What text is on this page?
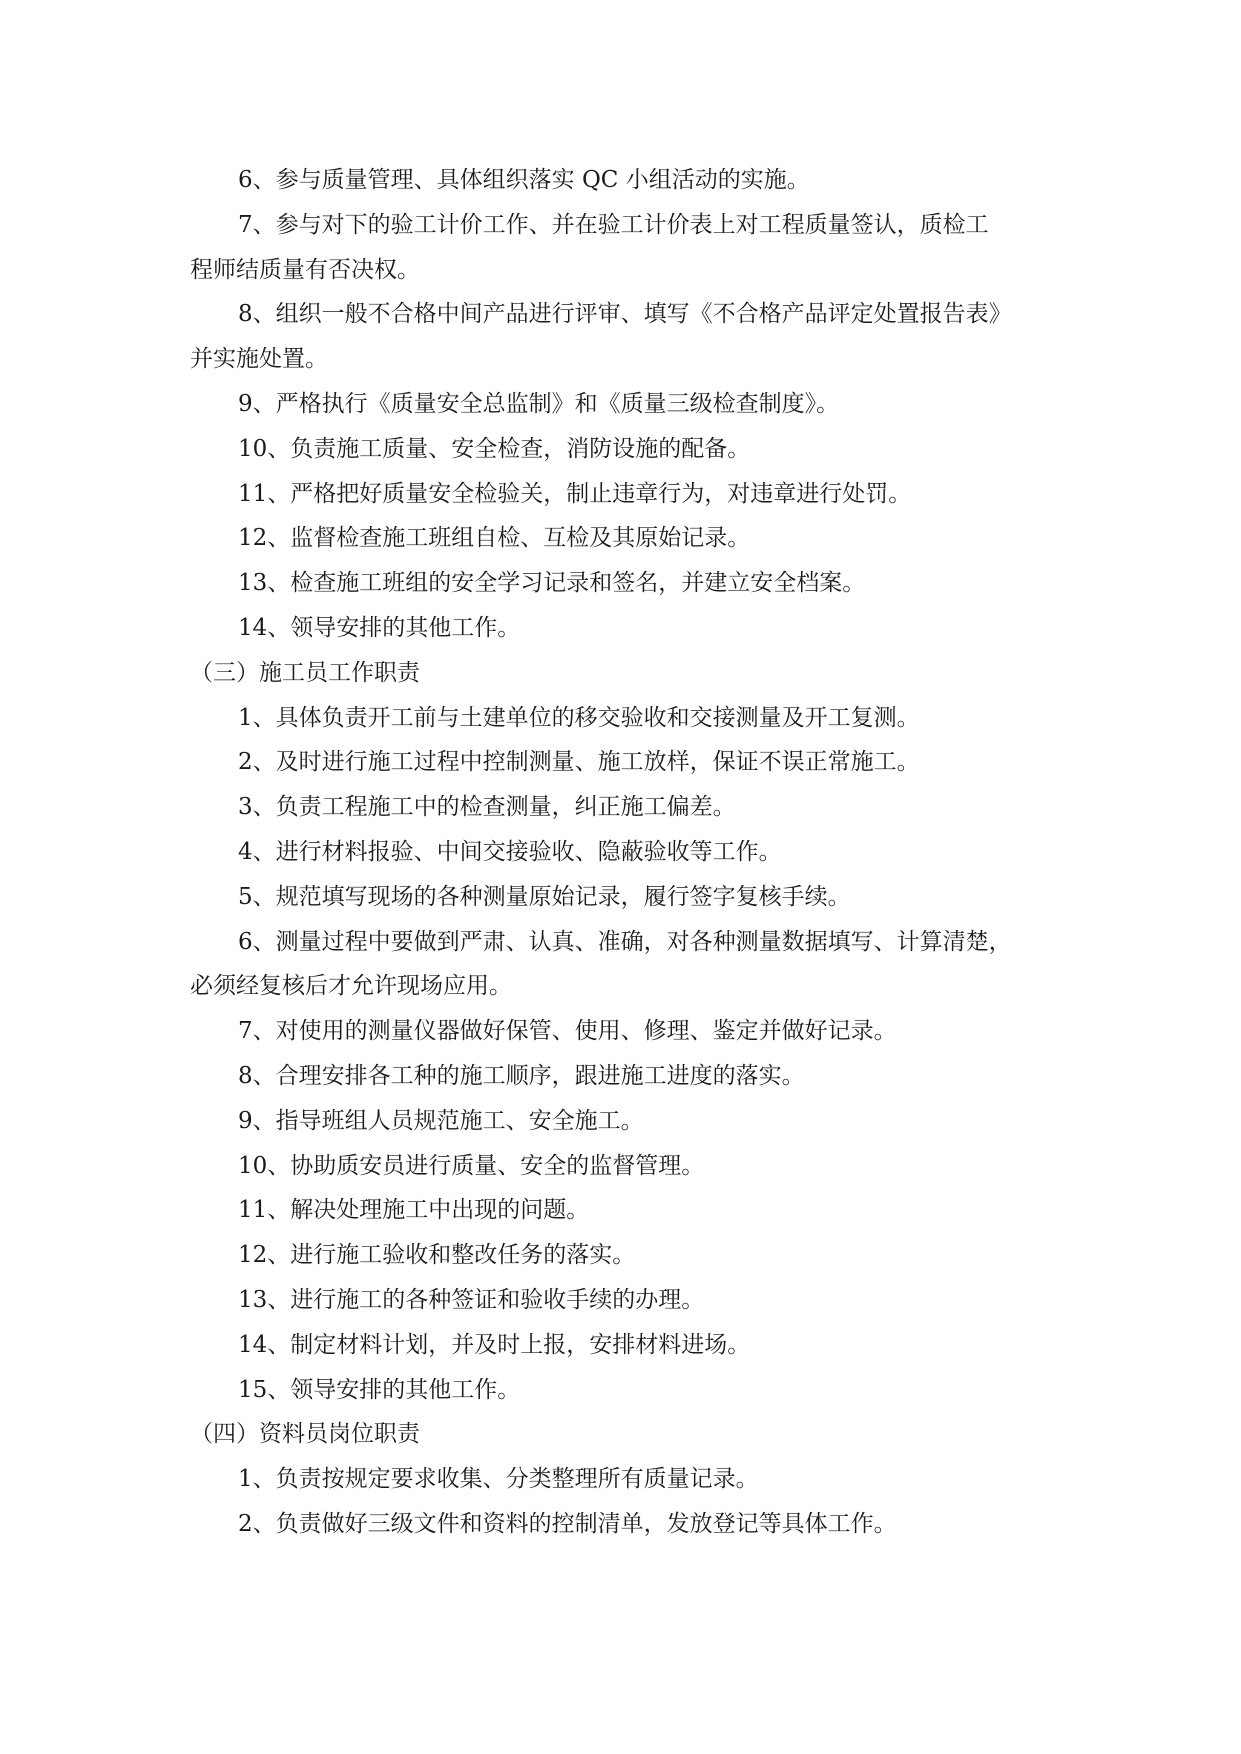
6、参与质量管理、具体组织落实 QC 小组活动的实施。

7、参与对下的验工计价工作、并在验工计价表上对工程质量签认，质检工

程师结质量有否决权。

8、组织一般不合格中间产品进行评审、填写《不合格产品评定处置报告表》

并实施处置。

9、严格执行《质量安全总监制》和《质量三级检查制度》。

10、负责施工质量、安全检查，消防设施的配备。

11、严格把好质量安全检验关，制止违章行为，对违章进行处罚。

12、监督检查施工班组自检、互检及其原始记录。

13、检查施工班组的安全学习记录和签名，并建立安全档案。

14、领导安排的其他工作。

（三）施工员工作职责

1、具体负责开工前与土建单位的移交验收和交接测量及开工复测。

2、及时进行施工过程中控制测量、施工放样，保证不误正常施工。

3、负责工程施工中的检查测量，纠正施工偏差。

4、进行材料报验、中间交接验收、隐蔽验收等工作。

5、规范填写现场的各种测量原始记录，履行签字复核手续。

6、测量过程中要做到严肃、认真、准确，对各种测量数据填写、计算清楚，

必须经复核后才允许现场应用。

7、对使用的测量仪器做好保管、使用、修理、鉴定并做好记录。

8、合理安排各工种的施工顺序，跟进施工进度的落实。

9、指导班组人员规范施工、安全施工。

10、协助质安员进行质量、安全的监督管理。

11、解决处理施工中出现的问题。

12、进行施工验收和整改任务的落实。

13、进行施工的各种签证和验收手续的办理。

14、制定材料计划，并及时上报，安排材料进场。

15、领导安排的其他工作。

（四）资料员岗位职责

1、负责按规定要求收集、分类整理所有质量记录。

2、负责做好三级文件和资料的控制清单，发放登记等具体工作。
